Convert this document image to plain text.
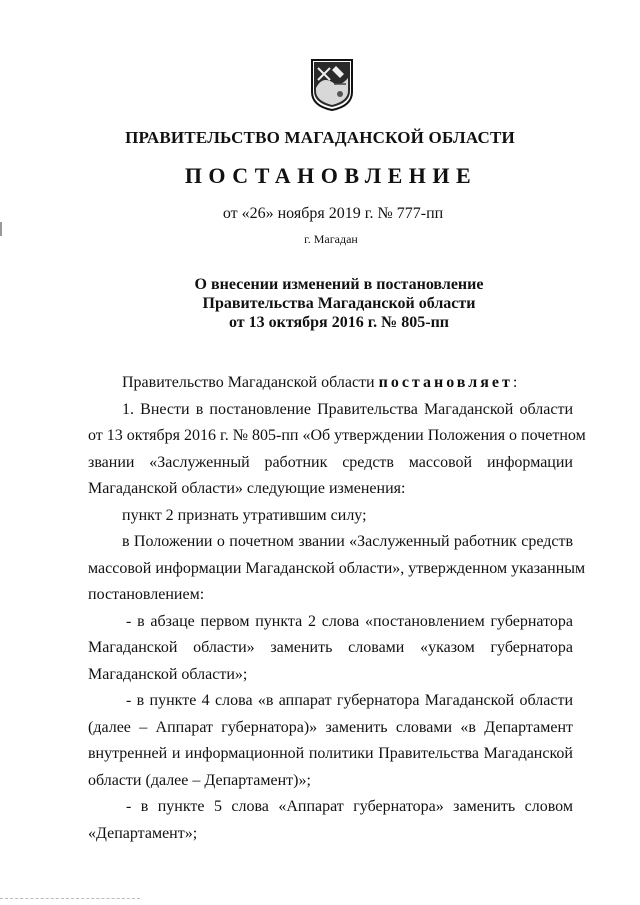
ПРАВИТЕЛЬСТВО МАГАДАНСКОЙ ОБЛАСТИ
ПОСТАНОВЛЕНИЕ
от «26» ноября 2019 г. № 777-пп
г. Магадан
О внесении изменений в постановление
Правительства Магаданской области
от 13 октября 2016 г. № 805-пп
Правительство Магаданской области постановляет:
1. Внести в постановление Правительства Магаданской области
от 13 октября 2016 г. № 805-пп «Об утверждении Положения о почетном
звании «Заслуженный работник средств массовой информации
Магаданской области» следующие изменения:
пункт 2 признать утратившим силу;
в Положении о почетном звании «Заслуженный работник средств
массовой информации Магаданской области», утвержденном указанным
постановлением:
- в абзаце первом пункта 2 слова «постановлением губернатора
Магаданской области» заменить словами «указом губернатора
Магаданской области»;
- в пункте 4 слова «в аппарат губернатора Магаданской области
(далее – Аппарат губернатора)» заменить словами «в Департамент
внутренней и информационной политики Правительства Магаданской
области (далее – Департамент)»;
- в пункте 5 слова «Аппарат губернатора» заменить словом
«Департамент»;
